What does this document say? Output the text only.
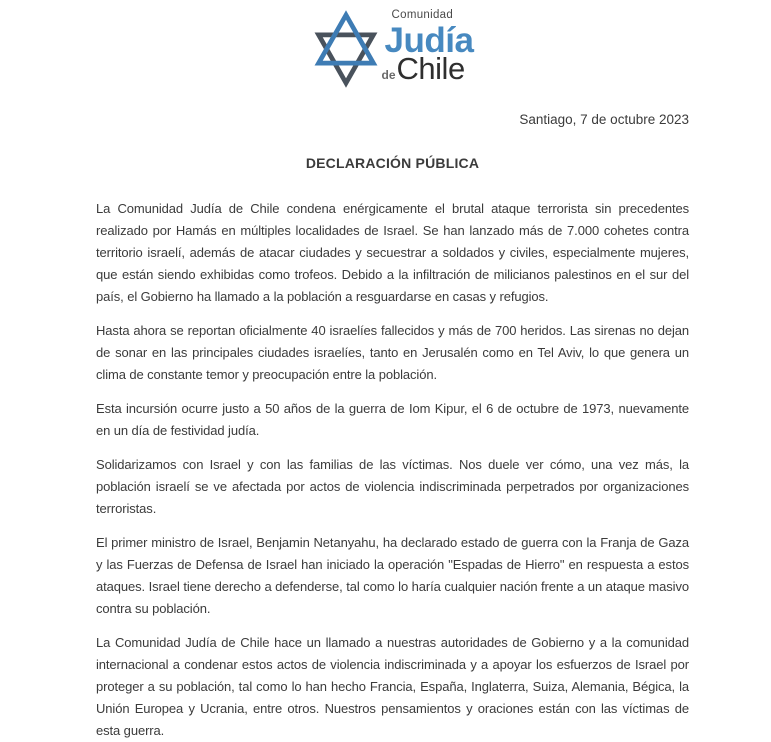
Comunidad
Judía
de Chile
Santiago, 7 de octubre 2023
DECLARACIÓN PÚBLICA

La Comunidad Judía de Chile condena enérgicamente el brutal ataque terrorista sin precedentes realizado por Hamás en múltiples localidades de Israel. Se han lanzado más de 7.000 cohetes contra territorio israelí, además de atacar ciudades y secuestrar a soldados y civiles, especialmente mujeres, que están siendo exhibidas como trofeos. Debido a la infiltración de milicianos palestinos en el sur del país, el Gobierno ha llamado a la población a resguardarse en casas y refugios.

Hasta ahora se reportan oficialmente 40 israelíes fallecidos y más de 700 heridos. Las sirenas no dejan de sonar en las principales ciudades israelíes, tanto en Jerusalén como en Tel Aviv, lo que genera un clima de constante temor y preocupación entre la población.

Esta incursión ocurre justo a 50 años de la guerra de Iom Kipur, el 6 de octubre de 1973, nuevamente en un día de festividad judía.

Solidarizamos con Israel y con las familias de las víctimas. Nos duele ver cómo, una vez más, la población israelí se ve afectada por actos de violencia indiscriminada perpetrados por organizaciones terroristas.

El primer ministro de Israel, Benjamin Netanyahu, ha declarado estado de guerra con la Franja de Gaza y las Fuerzas de Defensa de Israel han iniciado la operación "Espadas de Hierro" en respuesta a estos ataques. Israel tiene derecho a defenderse, tal como lo haría cualquier nación frente a un ataque masivo contra su población.

La Comunidad Judía de Chile hace un llamado a nuestras autoridades de Gobierno y a la comunidad internacional a condenar estos actos de violencia indiscriminada y a apoyar los esfuerzos de Israel por proteger a su población, tal como lo han hecho Francia, España, Inglaterra, Suiza, Alemania, Bégica, la Unión Europea y Ucrania, entre otros. Nuestros pensamientos y oraciones están con las víctimas de esta guerra.
